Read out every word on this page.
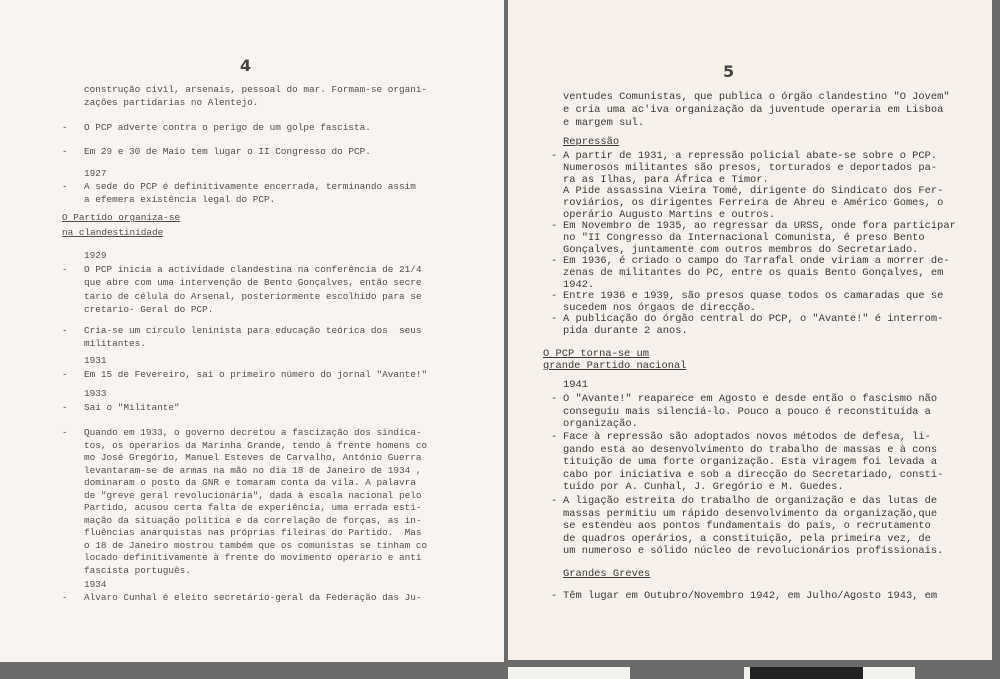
4
construção civil, arsenais, pessoal do mar. Formam-se organi-
zações partidarias no Alentejo.
O PCP adverte contra o perigo de um golpe fascista.
-
Em 29 e 30 de Maio tem lugar o II Congresso do PCP.
-
1927
A sede do PCP é definitivamente encerrada, terminando assim
-
a efemera existência legal do PCP.
O Partido organiza-se
na clandestinidade
1929
O PCP inicia a actividade clandestina na conferência de 21/4
-
que abre com uma intervenção de Bento Gonçalves, então secre
tario de célula do Arsenal, posteriormente escolhido para se
cretario- Geral do PCP.
Cria-se um círculo leninista para educação teórica dos  seus
-
militantes.
1931
Em 15 de Fevereiro, sai o primeiro número do jornal "Avante!"
-
1933
Sai o "Militante"
-
Quando em 1933, o governo decretou a fascização dos sindica-
-
tos, os operarios da Marinha Grande, tendo à frente homens co
mo José Gregório, Manuel Esteves de Carvalho, António Guerra
levantaram-se de armas na mão no dia 18 de Janeiro de 1934 ,
dominaram o posto da GNR e tomaram conta da vila. A palavra
de "greve geral revolucionária", dada à escala nacional pelo
Partido, acusou certa falta de experiência, uma errada esti-
mação da situação política e da correlação de forças, as in-
fluências anarquistas nas próprias fileiras do Partido.  Mas
o 18 de Janeiro mostrou também que os comunistas se tinham co
locado definitivamente à frente do movimento operario e anti
fascista português.
1934
Alvaro Cunhal é eleito secretário-geral da Federação das Ju-
-
5
ventudes Comunistas, que publica o órgão clandestino "O Jovem"
e cria uma ac'iva organização da juventude operaria em Lisboa
e margem sul.
Repressão
A partir de 1931, a repressão policial abate-se sobre o PCP.
-
Numerosos militantes são presos, torturados e deportados pa-
ra as Ilhas, para África e Timor.
A Pide assassina Vieira Tomé, dirigente do Sindicato dos Fer-
roviários, os dirigentes Ferreira de Abreu e Américo Gomes, o
operário Augusto Martins e outros.
Em Novembro de 1935, ao regressar da URSS, onde fora participar
-
no "II Congresso da Internacional Comunista, é preso Bento
Gonçalves, juntamente com outros membros do Secretariado.
Em 1936, é criado o campo do Tarrafal onde viriam a morrer de-
-
zenas de militantes do PC, entre os quais Bento Gonçalves, em
1942.
Entre 1936 e 1939, são presos quase todos os camaradas que se
-
sucedem nos órgaos de direcção.
A publicação do órgão central do PCP, o "Avante!" é interrom-
-
pida durante 2 anos.
O PCP torna-se um
grande Partido nacional
1941
O "Avante!" reaparece em Agosto e desde então o fascismo não
-
conseguiu mais silenciá-lo. Pouco a pouco é reconstituída a
organização.
Face à repressão são adoptados novos métodos de defesa, li-
-
gando esta ao desenvolvimento do trabalho de massas e à cons
tituição de uma forte organização. Esta viragem foi levada a
cabo por iniciativa e sob a direcção do Secretariado, consti-
tuído por A. Cunhal, J. Gregório e M. Guedes.
A ligação estreita do trabalho de organização e das lutas de
-
massas permitiu um rápido desenvolvimento da organização,que
se estendeu aos pontos fundamentais do país, o recrutamento
de quadros operários, a constituição, pela primeira vez, de
um numeroso e sólido núcleo de revolucionários profissionais.
Grandes Greves
Têm lugar em Outubro/Novembro 1942, em Julho/Agosto 1943, em
-
